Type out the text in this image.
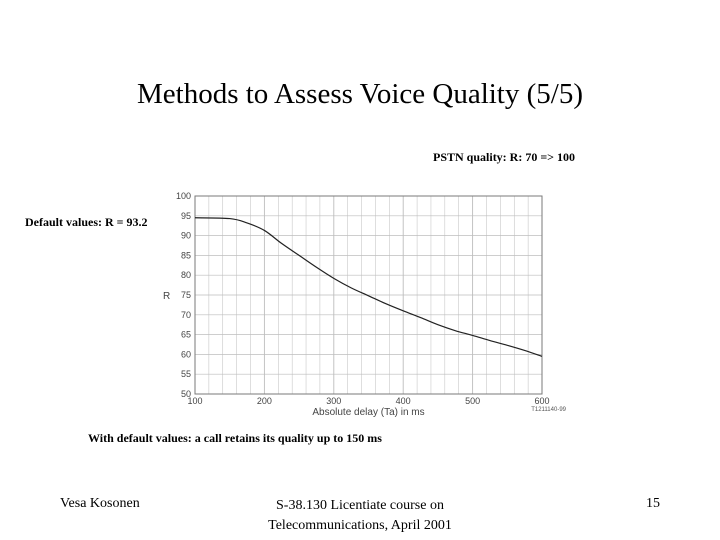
Methods to Assess Voice Quality (5/5)
PSTN quality: R: 70 => 100
50
55
60
65
70
75
80
85
90
95
100
100	200	300	400	500	600
R
Absolute delay (Ta) in ms	T1211140-99
Default values: R = 93.2
With default values: a call retains its quality up to 150 ms
Vesa Kosonen	S-38.130 Licentiate course on
Telecommunications, April 2001
15
